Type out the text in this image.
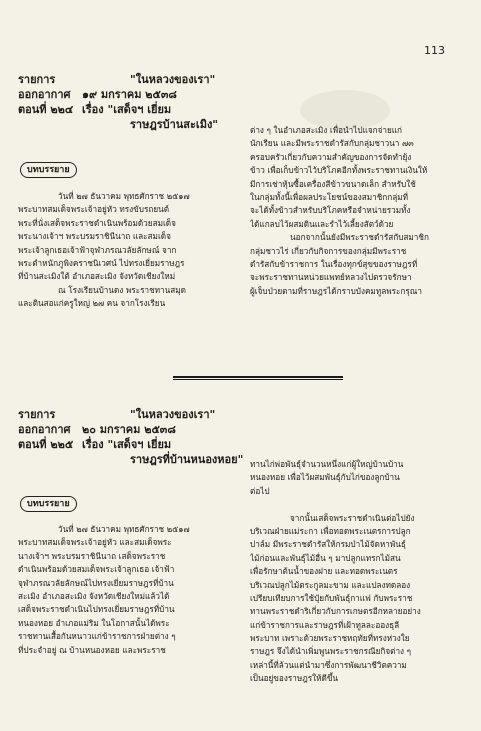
113
รายการ	"ในหลวงของเรา"
ออกอากาศ	๑๙ มกราคม ๒๕๓๘
ตอนที่ ๒๒๔ เรื่อง "เสด็จฯ เยี่ยม
ราษฎรบ้านสะเมิง"
บทบรรยาย
วันที่ ๒๗ ธันวาคม พุทธศักราช ๒๕๑๗
พระบาทสมเด็จพระเจ้าอยู่หัว ทรงขับรถยนต์
พระที่นั่งเสด็จพระราชดำเนินพร้อมด้วยสมเด็จ
พระนางเจ้าฯ พระบรมราชินีนาถ และสมเด็จ
พระเจ้าลูกเธอเจ้าฟ้าจุฬาภรณวลัยลักษณ์ จาก
พระตำหนักภูพิงคราชนิเวศน์ ไปทรงเยี่ยมราษฎร
ที่บ้านสะเมิงใต้ อำเภอสะเมิง จังหวัดเชียงใหม่
ณ โรงเรียนบ้านดง พระราชทานสมุด
และดินสอแก่ครูใหญ่ ๒๗ คน จากโรงเรียน
ต่าง ๆ ในอำเภอสะเมิง เพื่อนำไปแจกจ่ายแก่
นักเรียน และมีพระราชดำรัสกับกลุ่มชาวนา ๗๓
ครอบครัวเกี่ยวกับความสำคัญของการจัดทำยุ้ง
ข้าว เพื่อเก็บข้าวไว้บริโภคอีกทั้งพระราชทานเงินให้
มีการเช่าหุ้นซื้อเครื่องสีข้าวขนาดเล็ก สำหรับใช้
ในกลุ่มทั้งนี้เพื่อผลประโยชน์ของสมาชิกกลุ่มที่
จะได้ทั้งข้าวสำหรับบริโภคหรือจำหน่ายรวมทั้ง
ได้แกลบไว้ผสมดินและรำไว้เลี้ยงสัตว์ด้วย
นอกจากนั้นยังมีพระราชดำรัสกับสมาชิก
กลุ่มชาวไร่ เกี่ยวกับกิจการของกลุ่มมีพระราช
ดำรัสกับข้าราชการ ในเรื่องทุกข์สุขของราษฎรที่
จะพระราชทานหน่วยแพทย์หลวงไปตรวจรักษา
ผู้เจ็บป่วยตามที่ราษฎรได้กราบบังคมทูลพระกรุณา
รายการ	"ในหลวงของเรา"
ออกอากาศ	๒๐ มกราคม ๒๕๓๘
ตอนที่ ๒๒๕ เรื่อง "เสด็จฯ เยี่ยม
ราษฎรที่บ้านหนองหอย"
บทบรรยาย
วันที่ ๒๗ ธันวาคม พุทธศักราช ๒๕๑๗
พระบาทสมเด็จพระเจ้าอยู่หัว และสมเด็จพระ
นางเจ้าฯ พระบรมราชินีนาถ เสด็จพระราช
ดำเนินพร้อมด้วยสมเด็จพระเจ้าลูกเธอ เจ้าฟ้า
จุฬาภรณวลัยลักษณ์ไปทรงเยี่ยมราษฎรที่บ้าน
สะเมิง อำเภอสะเมิง จังหวัดเชียงใหม่แล้วได้
เสด็จพระราชดำเนินไปทรงเยี่ยมราษฎรที่บ้าน
หนองหอย อำเภอแม่ริม ในโอกาสนั้นได้พระ
ราชทานเสื้อกันหนาวแก่ข้าราชการฝ่ายต่าง ๆ
ที่ประจำอยู่ ณ บ้านหนองหอย และพระราช
ทานไก่พ่อพันธุ์จำนวนหนึ่งแก่ผู้ใหญ่บ้านบ้าน
หนองหอย เพื่อไว้ผสมพันธุ์กับไก่ของลูกบ้าน
ต่อไป
จากนั้นเสด็จพระราชดำเนินต่อไปยัง
บริเวณฝ่ายแม่ระกา เพื่อทอดพระเนตรการปลูก
ปาล์ม มีพระราชดำรัสให้กรมป่าไม้จัดหาพันธุ์
ไม้ก่อนและพันธุ์ไม้อื่น ๆ มาปลูกแทรกไม้สน
เพื่อรักษาต้นน้ำของฝาย และทอดพระเนตร
บริเวณปลูกไม้ตระกูลมะขาม และแปลงทดลอง
เปรียบเทียบการใช้ปุ๋ยกับพันธุ์กาแฟ กับพระราช
ทานพระราชดำริเกี่ยวกับการเกษตรอีกหลายอย่าง
แก่ข้าราชการและราษฎรที่เฝ้าทูลละอองธุลี
พระบาท เพราะด้วยพระราชหฤทัยที่ทรงห่วงใย
ราษฎร จึงได้นำเพิ่มพูนพระราชกรณียกิจต่าง ๆ
เหล่านี้ที่ล้วนแต่นำมาซึ่งการพัฒนาชีวิตความ
เป็นอยู่ของราษฎรให้ดีขึ้น
